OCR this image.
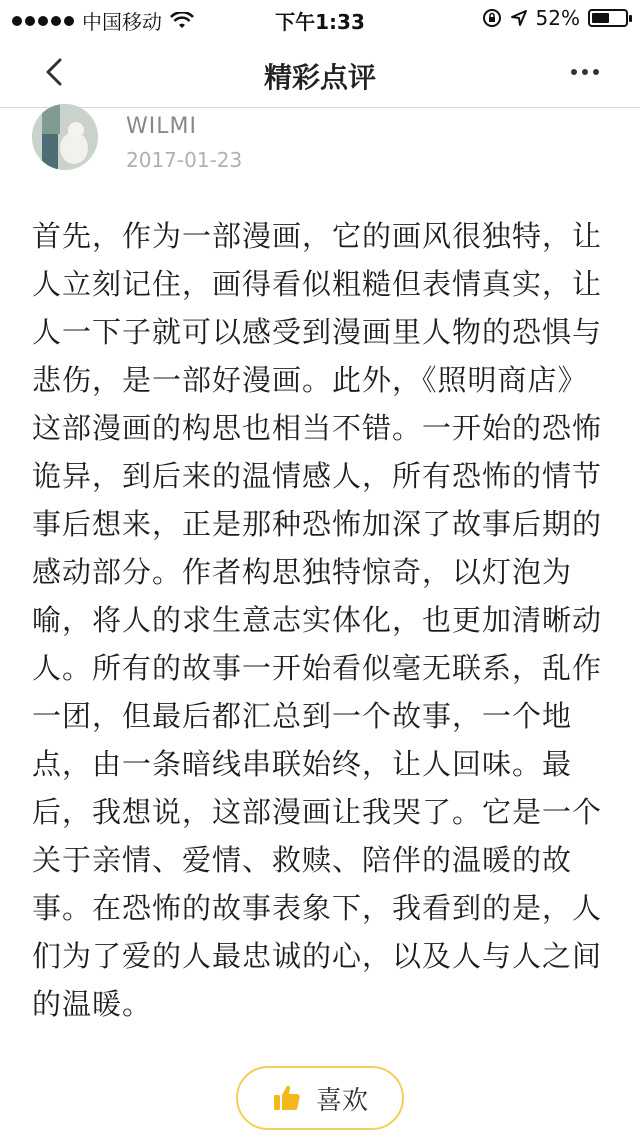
中国移动	下午1:33	52%
精彩点评
WILMI
2017-01-23
首先，作为一部漫画，它的画风很独特，让人立刻记住，画得看似粗糙但表情真实，让人一下子就可以感受到漫画里人物的恐惧与悲伤，是一部好漫画。此外，《照明商店》这部漫画的构思也相当不错。一开始的恐怖诡异，到后来的温情感人，所有恐怖的情节事后想来，正是那种恐怖加深了故事后期的感动部分。作者构思独特惊奇，以灯泡为喻，将人的求生意志实体化，也更加清晰动人。所有的故事一开始看似毫无联系，乱作一团，但最后都汇总到一个故事，一个地点，由一条暗线串联始终，让人回味。最后，我想说，这部漫画让我哭了。它是一个关于亲情、爱情、救赎、陪伴的温暖的故事。在恐怖的故事表象下，我看到的是，人们为了爱的人最忠诚的心，以及人与人之间的温暖。
喜欢
